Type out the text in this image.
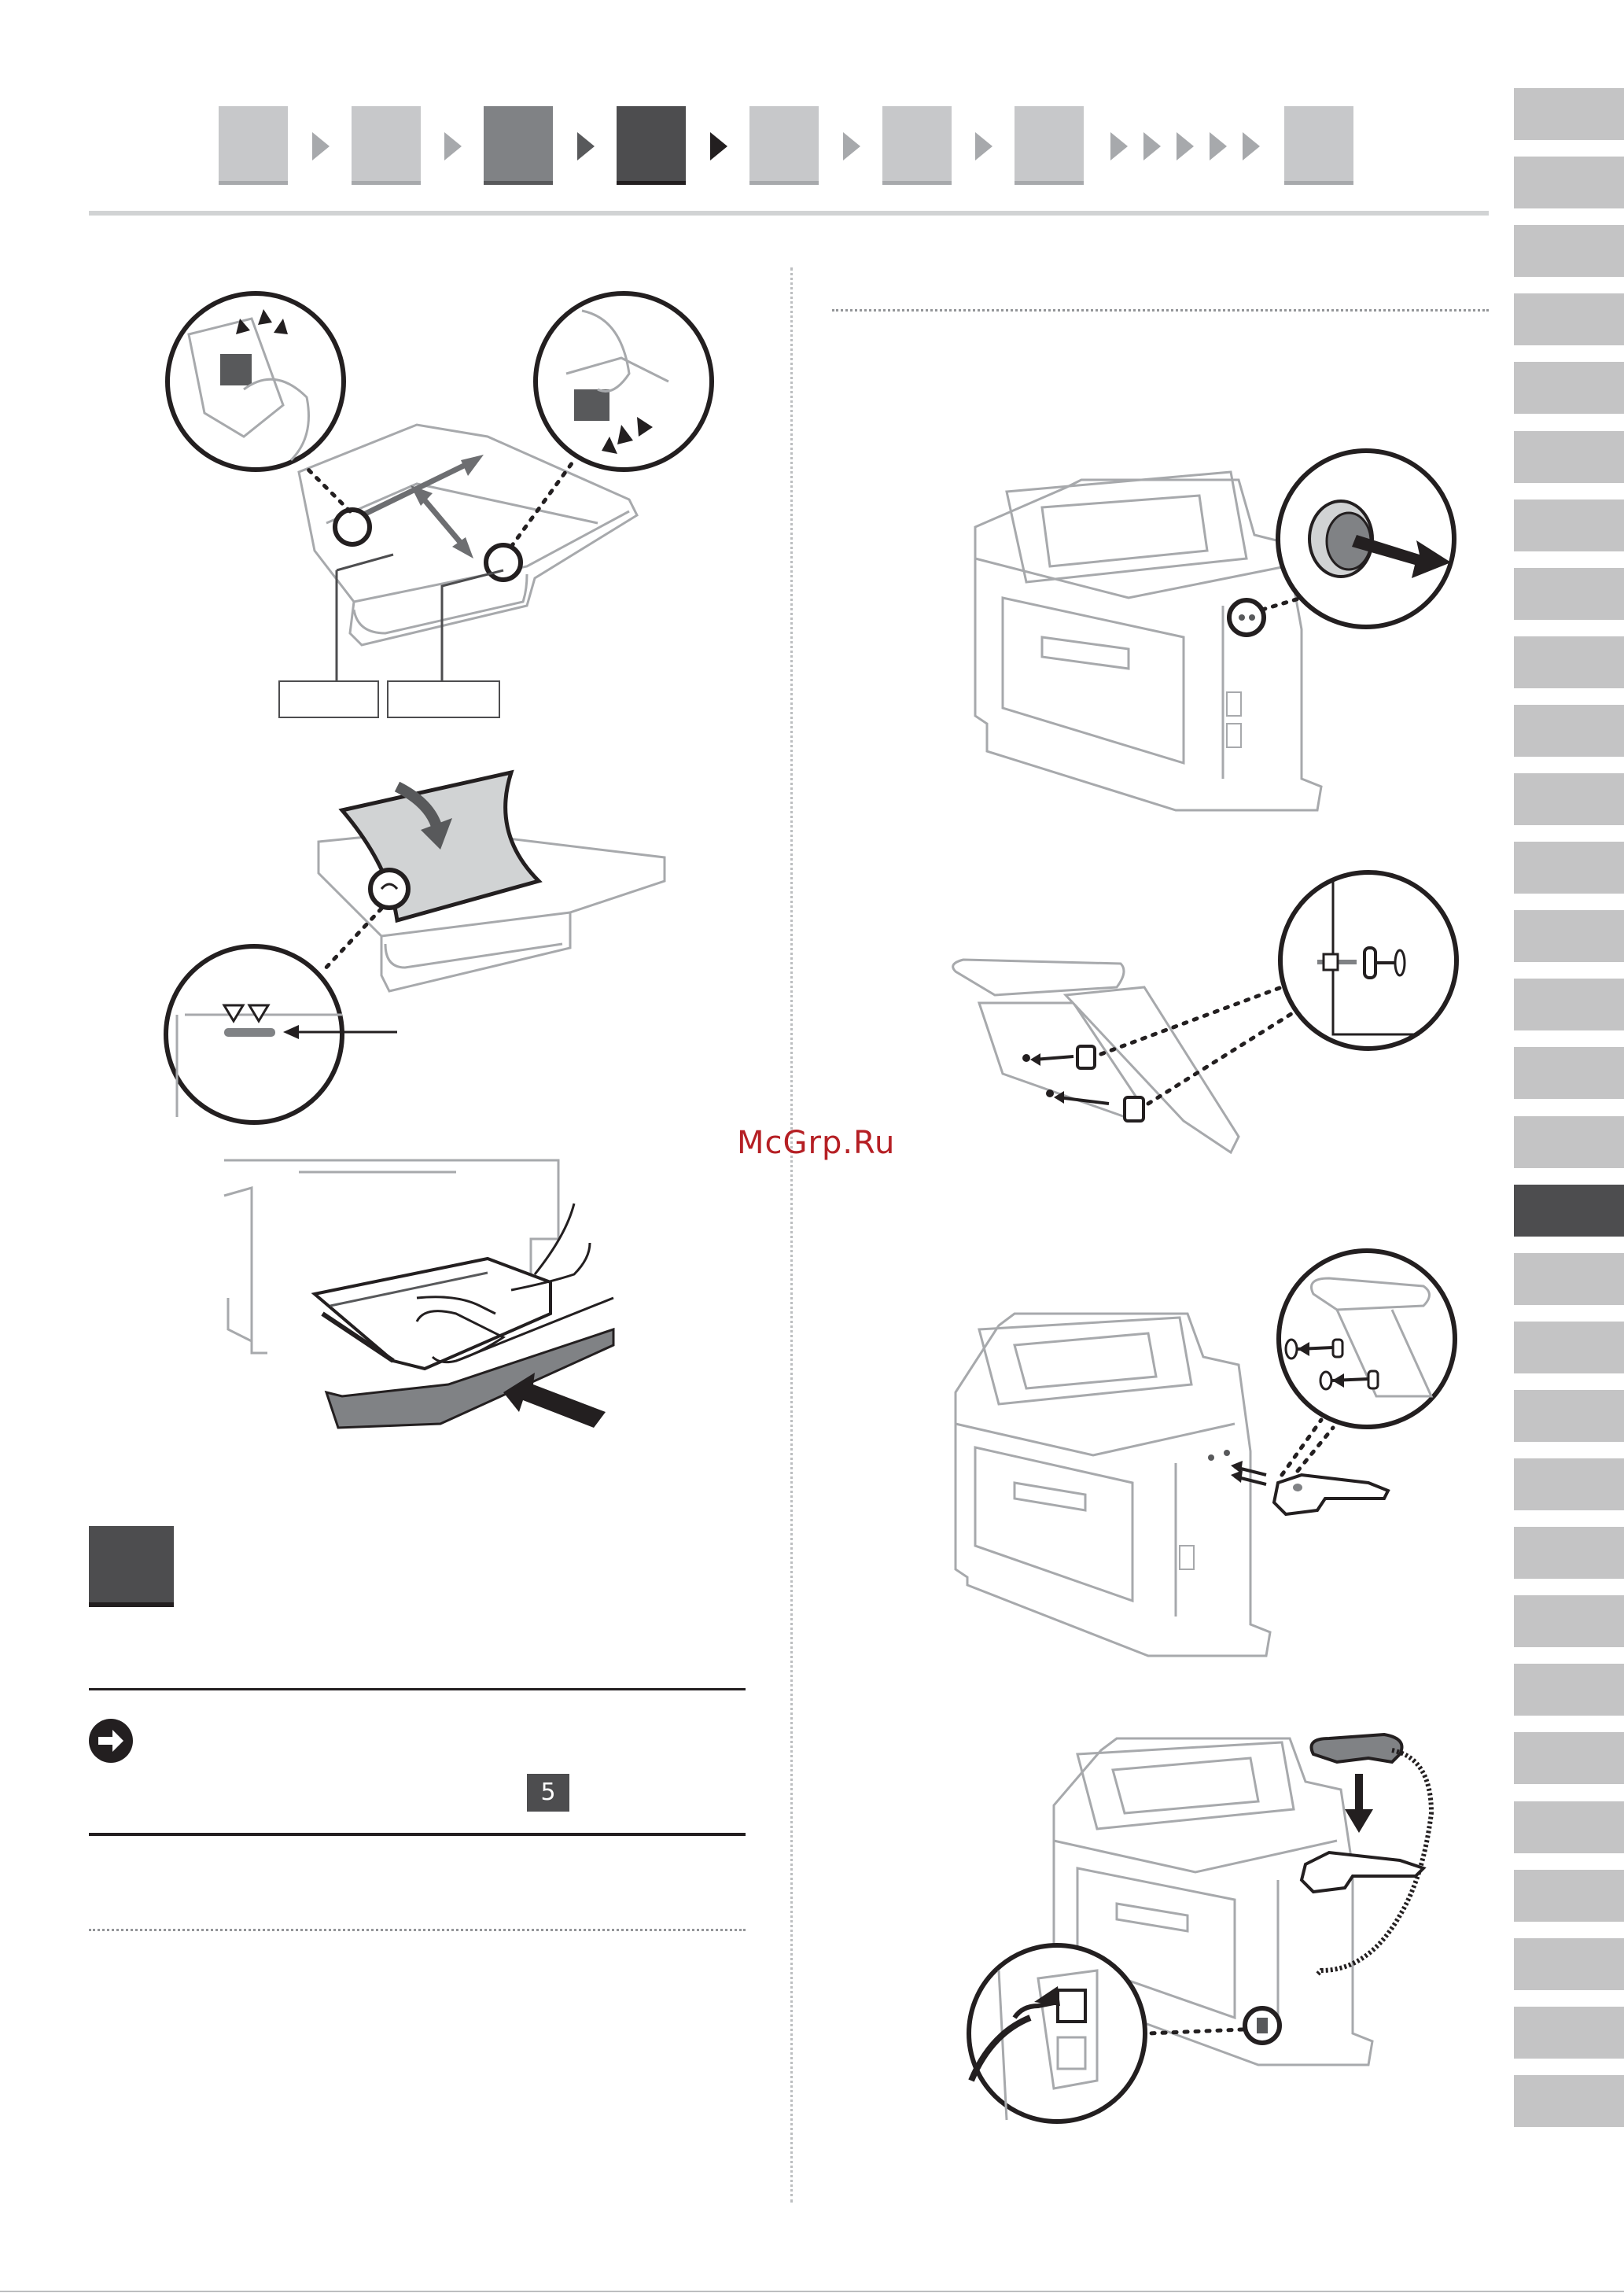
5
McGrp.Ru
